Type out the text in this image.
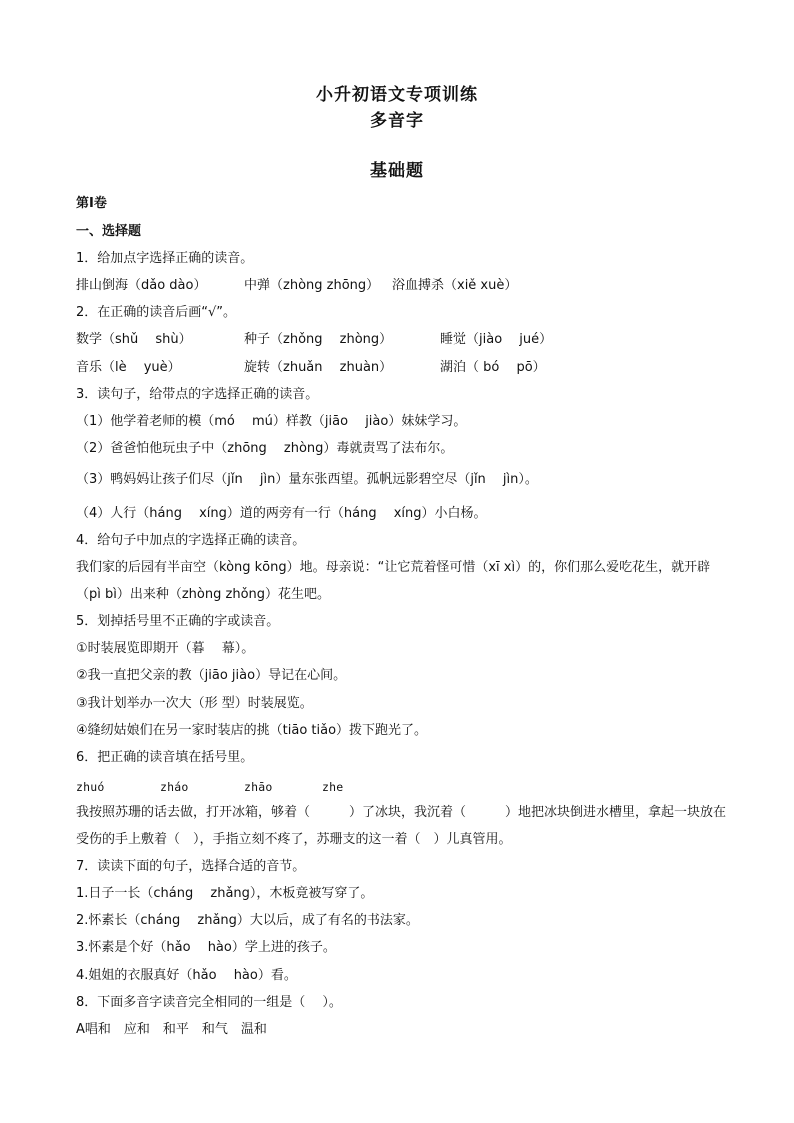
小升初语文专项训练
多音字
基础题
第Ⅰ卷
一、选择题
1．给加点字选择正确的读音。
排山倒海（dǎo dào）	中弹（zhòng zhōng） 浴血搏杀（xiě xuè）
2．在正确的读音后画“√”。
数学（shǔ　 shù）	种子（zhǒng　 zhòng）	睡觉（jiào　 jué）
音乐（lè　 yuè）	旋转（zhuǎn　 zhuàn）	湖泊（ bó　 pō）
3．读句子，给带点的字选择正确的读音。
（1）他学着老师的模（mó　 mú）样教（jiāo　 jiào）妹妹学习。
（2）爸爸怕他玩虫子中（zhōng　 zhòng）毒就责骂了法布尔。
（3）鸭妈妈让孩子们尽（jǐn　 jìn）量东张西望。孤帆远影碧空尽（jǐn　 jìn）。
（4）人行（háng　 xíng）道的两旁有一行（háng　 xíng）小白杨。
4．给句子中加点的字选择正确的读音。
我们家的后园有半亩空（kòng kōng）地。母亲说：“让它荒着怪可惜（xī xì）的，你们那么爱吃花生，就开辟（pì bì）出来种（zhòng zhǒng）花生吧。
5．划掉括号里不正确的字或读音。
①时装展览即期开（暮　 幕）。
②我一直把父亲的教（jiāo jiào）导记在心间。
③我计划举办一次大（形 型）时装展览。
④缝纫姑娘们在另一家时装店的挑（tiāo tiǎo）拨下跑光了。
6．把正确的读音填在括号里。
zhuó	zháo	zhāo	zhe
我按照苏珊的话去做，打开冰箱，够着（　　　）了冰块，我沉着（　　　）地把冰块倒进水槽里，拿起一块放在受伤的手上敷着（　），手指立刻不疼了，苏珊支的这一着（　）儿真管用。
7．读读下面的句子，选择合适的音节。
1.日子一长（cháng　 zhǎng），木板竟被写穿了。
2.怀素长（cháng　 zhǎng）大以后，成了有名的书法家。
3.怀素是个好（hǎo　 hào）学上进的孩子。
4.姐姐的衣服真好（hǎo　 hào）看。
8．下面多音字读音完全相同的一组是（　 ）。
A唱和　应和　和平　和气　温和
